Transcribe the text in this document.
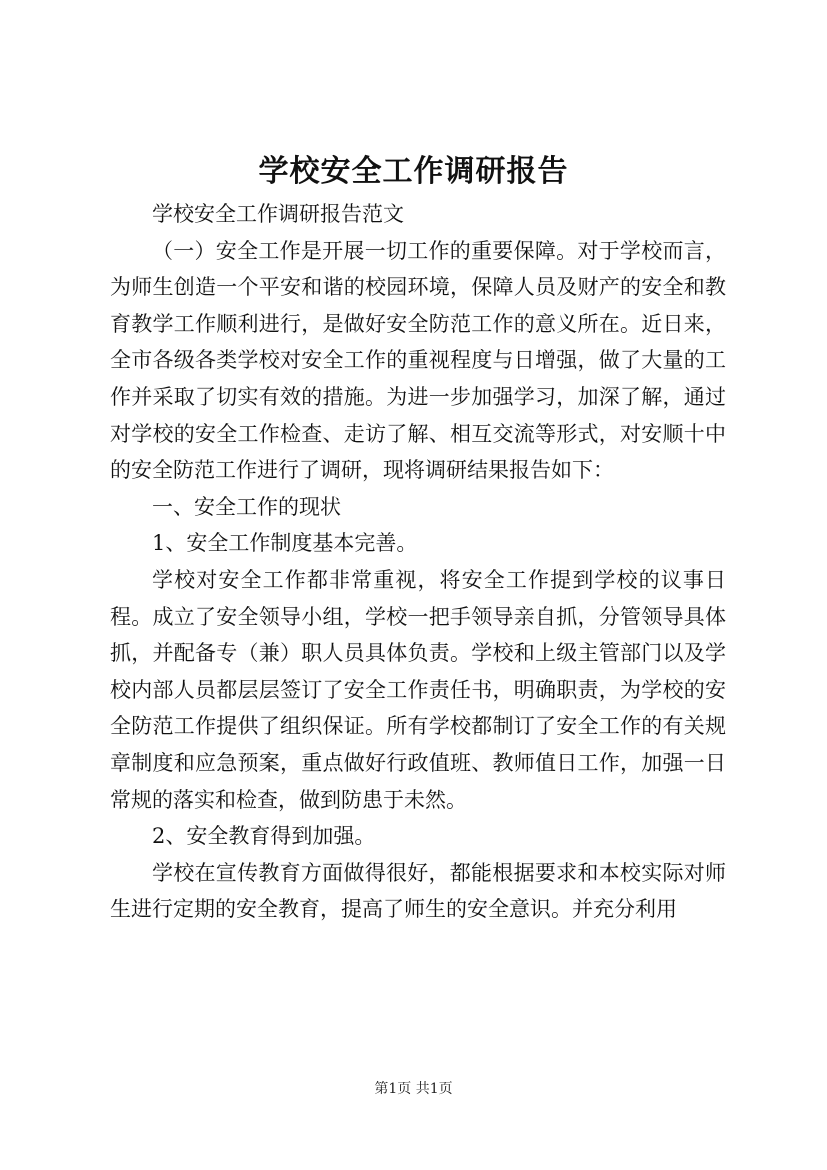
学校安全工作调研报告

学校安全工作调研报告范文

（一）安全工作是开展一切工作的重要保障。对于学校而言，为师生创造一个平安和谐的校园环境，保障人员及财产的安全和教育教学工作顺利进行，是做好安全防范工作的意义所在。近日来，全市各级各类学校对安全工作的重视程度与日增强，做了大量的工作并采取了切实有效的措施。为进一步加强学习，加深了解，通过对学校的安全工作检查、走访了解、相互交流等形式，对安顺十中的安全防范工作进行了调研，现将调研结果报告如下：

一、安全工作的现状

1、安全工作制度基本完善。

学校对安全工作都非常重视，将安全工作提到学校的议事日程。成立了安全领导小组，学校一把手领导亲自抓，分管领导具体抓，并配备专（兼）职人员具体负责。学校和上级主管部门以及学校内部人员都层层签订了安全工作责任书，明确职责，为学校的安全防范工作提供了组织保证。所有学校都制订了安全工作的有关规章制度和应急预案，重点做好行政值班、教师值日工作，加强一日常规的落实和检查，做到防患于未然。

2、安全教育得到加强。

学校在宣传教育方面做得很好，都能根据要求和本校实际对师生进行定期的安全教育，提高了师生的安全意识。并充分利用

第1页 共1页
